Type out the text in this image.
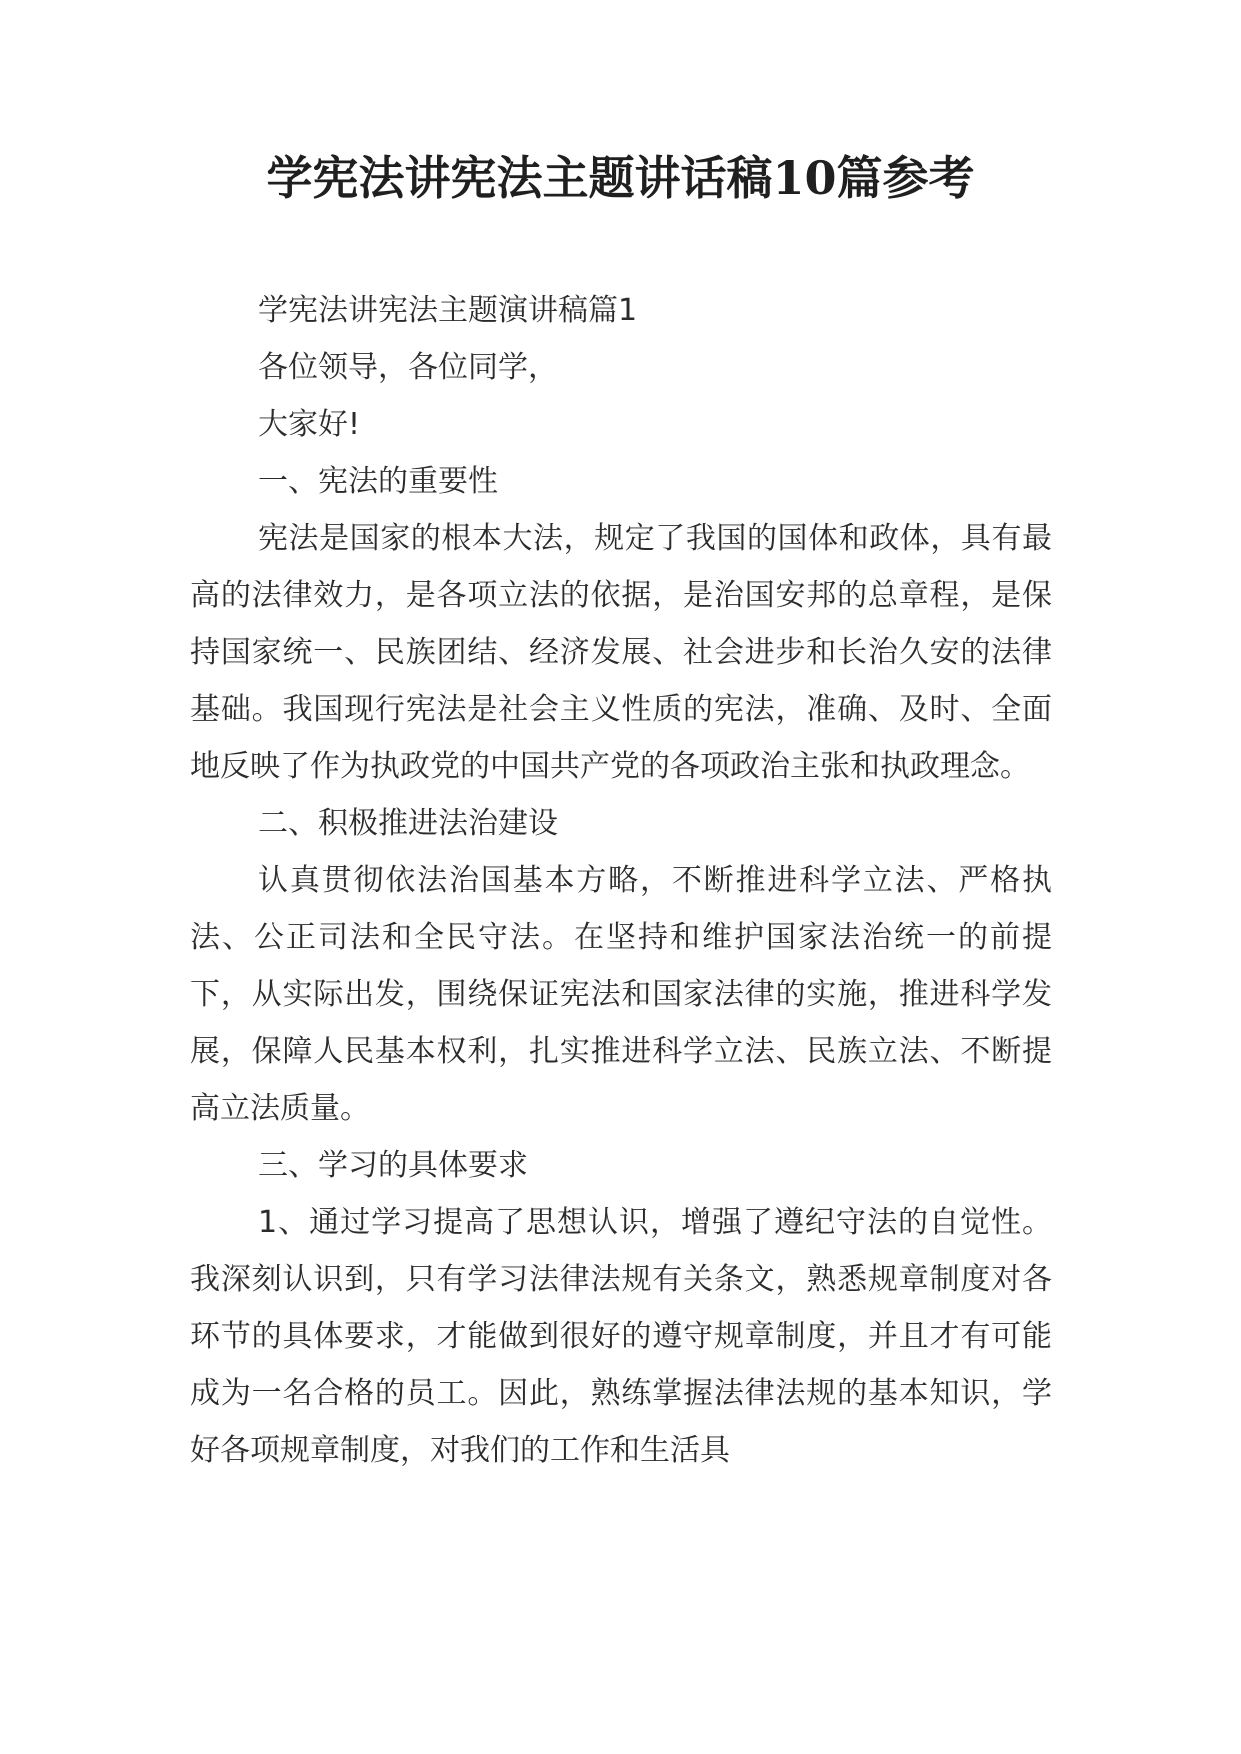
学宪法讲宪法主题讲话稿10篇参考

学宪法讲宪法主题演讲稿篇1

各位领导，各位同学，

大家好!

一、宪法的重要性

宪法是国家的根本大法，规定了我国的国体和政体，具有最高的法律效力，是各项立法的依据，是治国安邦的总章程，是保持国家统一、民族团结、经济发展、社会进步和长治久安的法律基础。我国现行宪法是社会主义性质的宪法，准确、及时、全面地反映了作为执政党的中国共产党的各项政治主张和执政理念。

二、积极推进法治建设

认真贯彻依法治国基本方略，不断推进科学立法、严格执法、公正司法和全民守法。在坚持和维护国家法治统一的前提下，从实际出发，围绕保证宪法和国家法律的实施，推进科学发展，保障人民基本权利，扎实推进科学立法、民族立法、不断提高立法质量。

三、学习的具体要求

1、通过学习提高了思想认识，增强了遵纪守法的自觉性。我深刻认识到，只有学习法律法规有关条文，熟悉规章制度对各环节的具体要求，才能做到很好的遵守规章制度，并且才有可能成为一名合格的员工。因此，熟练掌握法律法规的基本知识，学好各项规章制度，对我们的工作和生活具
